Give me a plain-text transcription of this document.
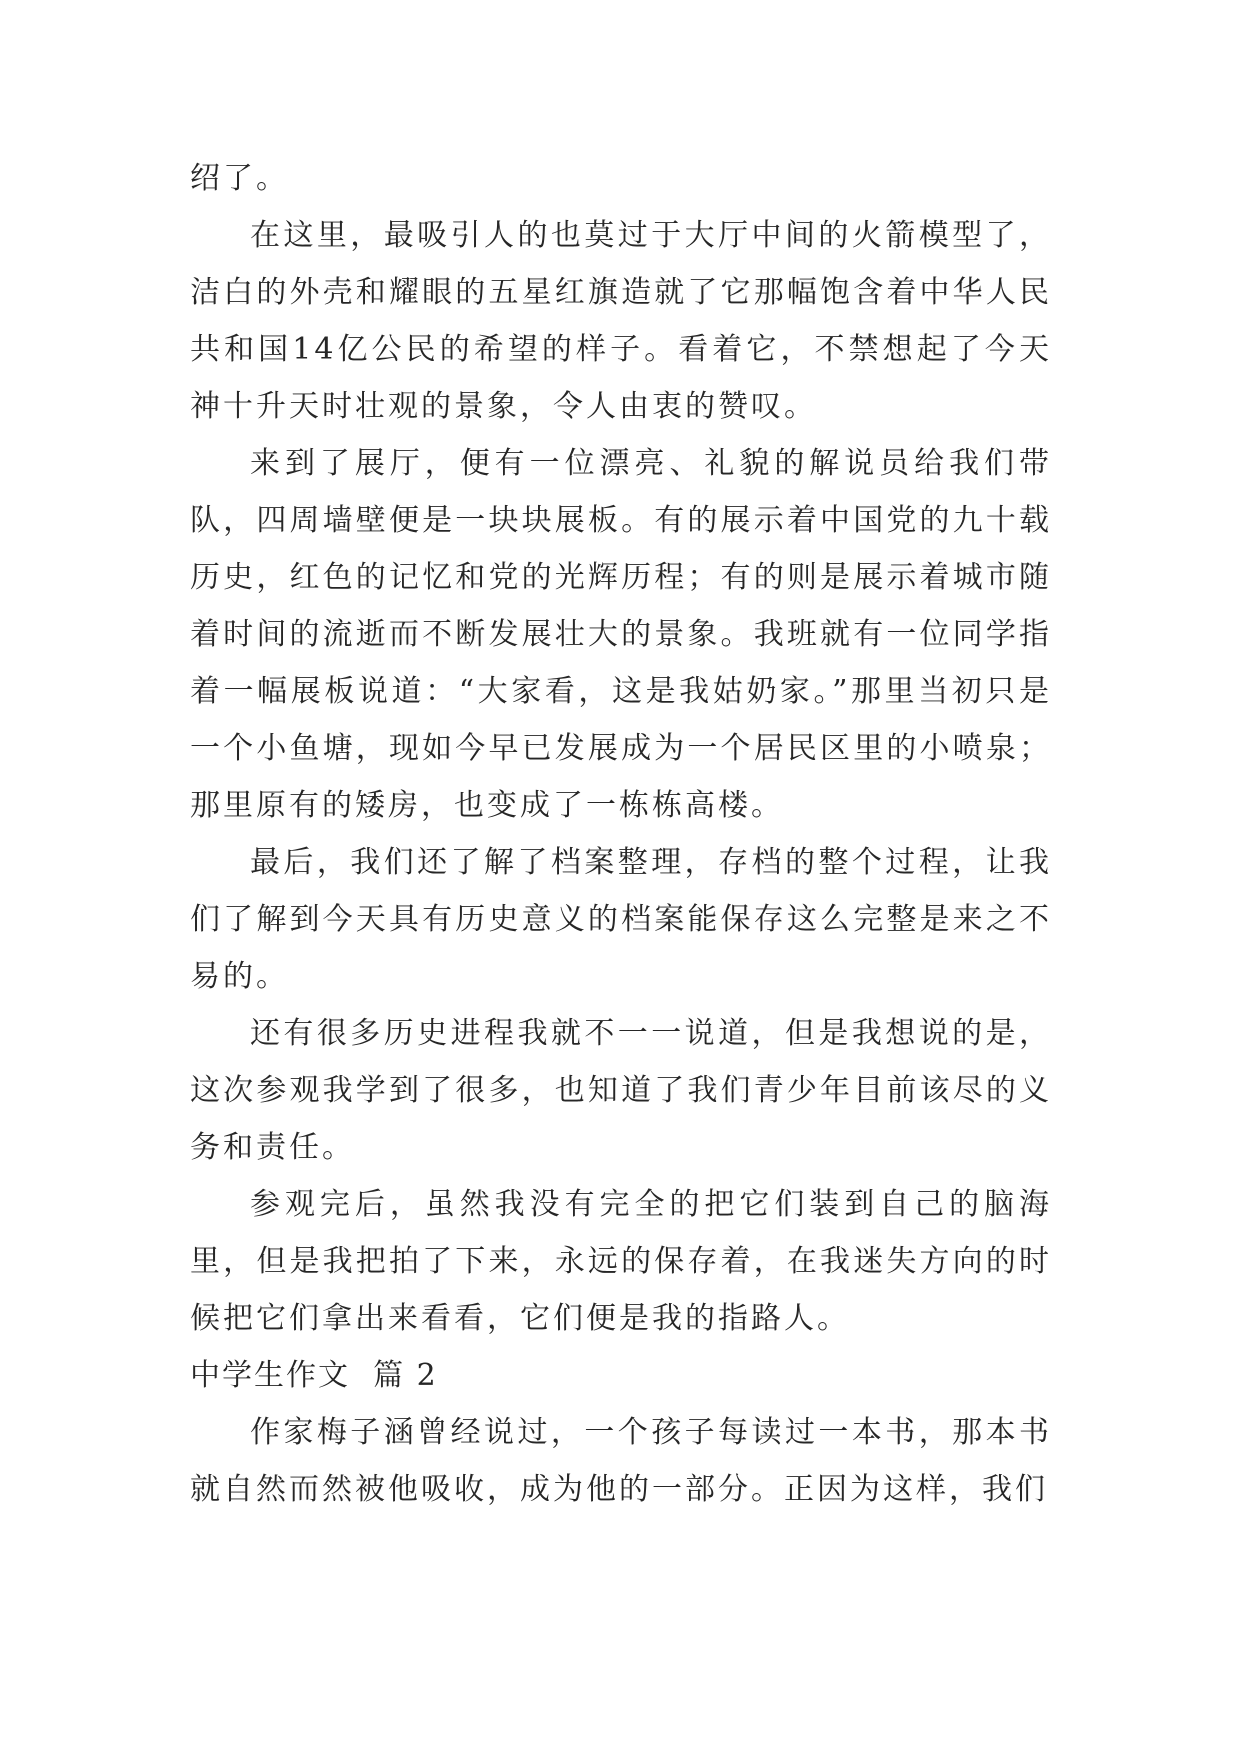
绍了。

在这里，最吸引人的也莫过于大厅中间的火箭模型了，洁白的外壳和耀眼的五星红旗造就了它那幅饱含着中华人民共和国14亿公民的希望的样子。看着它，不禁想起了今天神十升天时壮观的景象，令人由衷的赞叹。

来到了展厅，便有一位漂亮、礼貌的解说员给我们带队，四周墙壁便是一块块展板。有的展示着中国党的九十载历史，红色的记忆和党的光辉历程；有的则是展示着城市随着时间的流逝而不断发展壮大的景象。我班就有一位同学指着一幅展板说道：“大家看，这是我姑奶家。”那里当初只是一个小鱼塘，现如今早已发展成为一个居民区里的小喷泉；那里原有的矮房，也变成了一栋栋高楼。

最后，我们还了解了档案整理，存档的整个过程，让我们了解到今天具有历史意义的档案能保存这么完整是来之不易的。

还有很多历史进程我就不一一说道，但是我想说的是，这次参观我学到了很多，也知道了我们青少年目前该尽的义务和责任。

参观完后，虽然我没有完全的把它们装到自己的脑海里，但是我把拍了下来，永远的保存着，在我迷失方向的时候把它们拿出来看看，它们便是我的指路人。

中学生作文  篇 2

作家梅子涵曾经说过，一个孩子每读过一本书，那本书就自然而然被他吸收，成为他的一部分。正因为这样，我们
